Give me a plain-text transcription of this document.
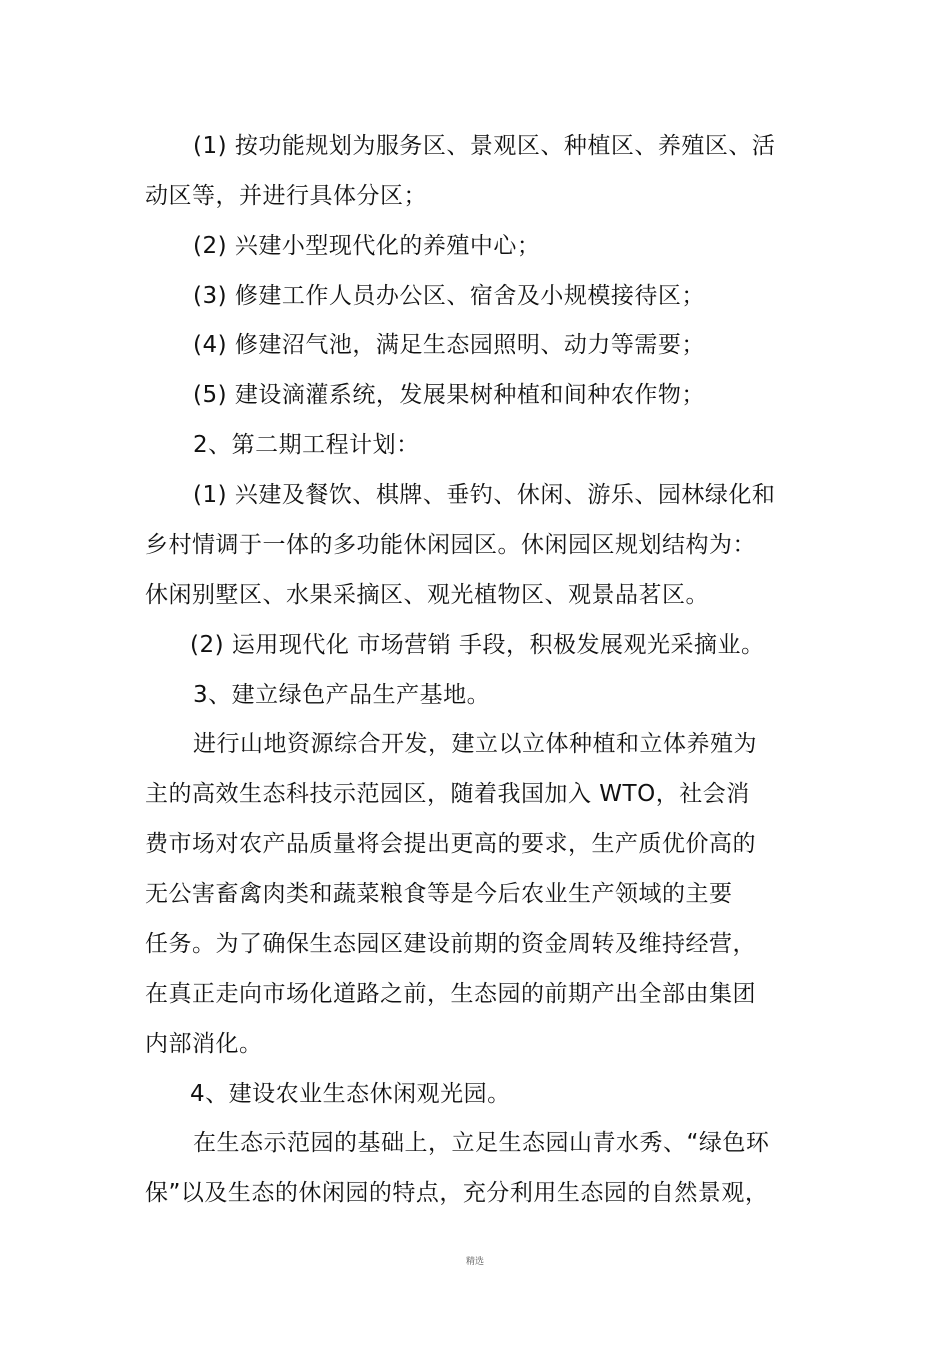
(1) 按功能规划为服务区、景观区、种植区、养殖区、活
动区等，并进行具体分区；
(2) 兴建小型现代化的养殖中心；
(3) 修建工作人员办公区、宿舍及小规模接待区；
(4) 修建沼气池，满足生态园照明、动力等需要；
(5) 建设滴灌系统，发展果树种植和间种农作物；
2、第二期工程计划：
(1) 兴建及餐饮、棋牌、垂钓、休闲、游乐、园林绿化和
乡村情调于一体的多功能休闲园区。休闲园区规划结构为：
休闲别墅区、水果采摘区、观光植物区、观景品茗区。
(2) 运用现代化 市场营销 手段，积极发展观光采摘业。
3、建立绿色产品生产基地。
进行山地资源综合开发，建立以立体种植和立体养殖为
主的高效生态科技示范园区，随着我国加入 WTO，社会消
费市场对农产品质量将会提出更高的要求，生产质优价高的
无公害畜禽肉类和蔬菜粮食等是今后农业生产领域的主要
任务。为了确保生态园区建设前期的资金周转及维持经营，
在真正走向市场化道路之前，生态园的前期产出全部由集团
内部消化。
4、建设农业生态休闲观光园。
在生态示范园的基础上，立足生态园山青水秀、“绿色环
保”以及生态的休闲园的特点，充分利用生态园的自然景观，
精选
